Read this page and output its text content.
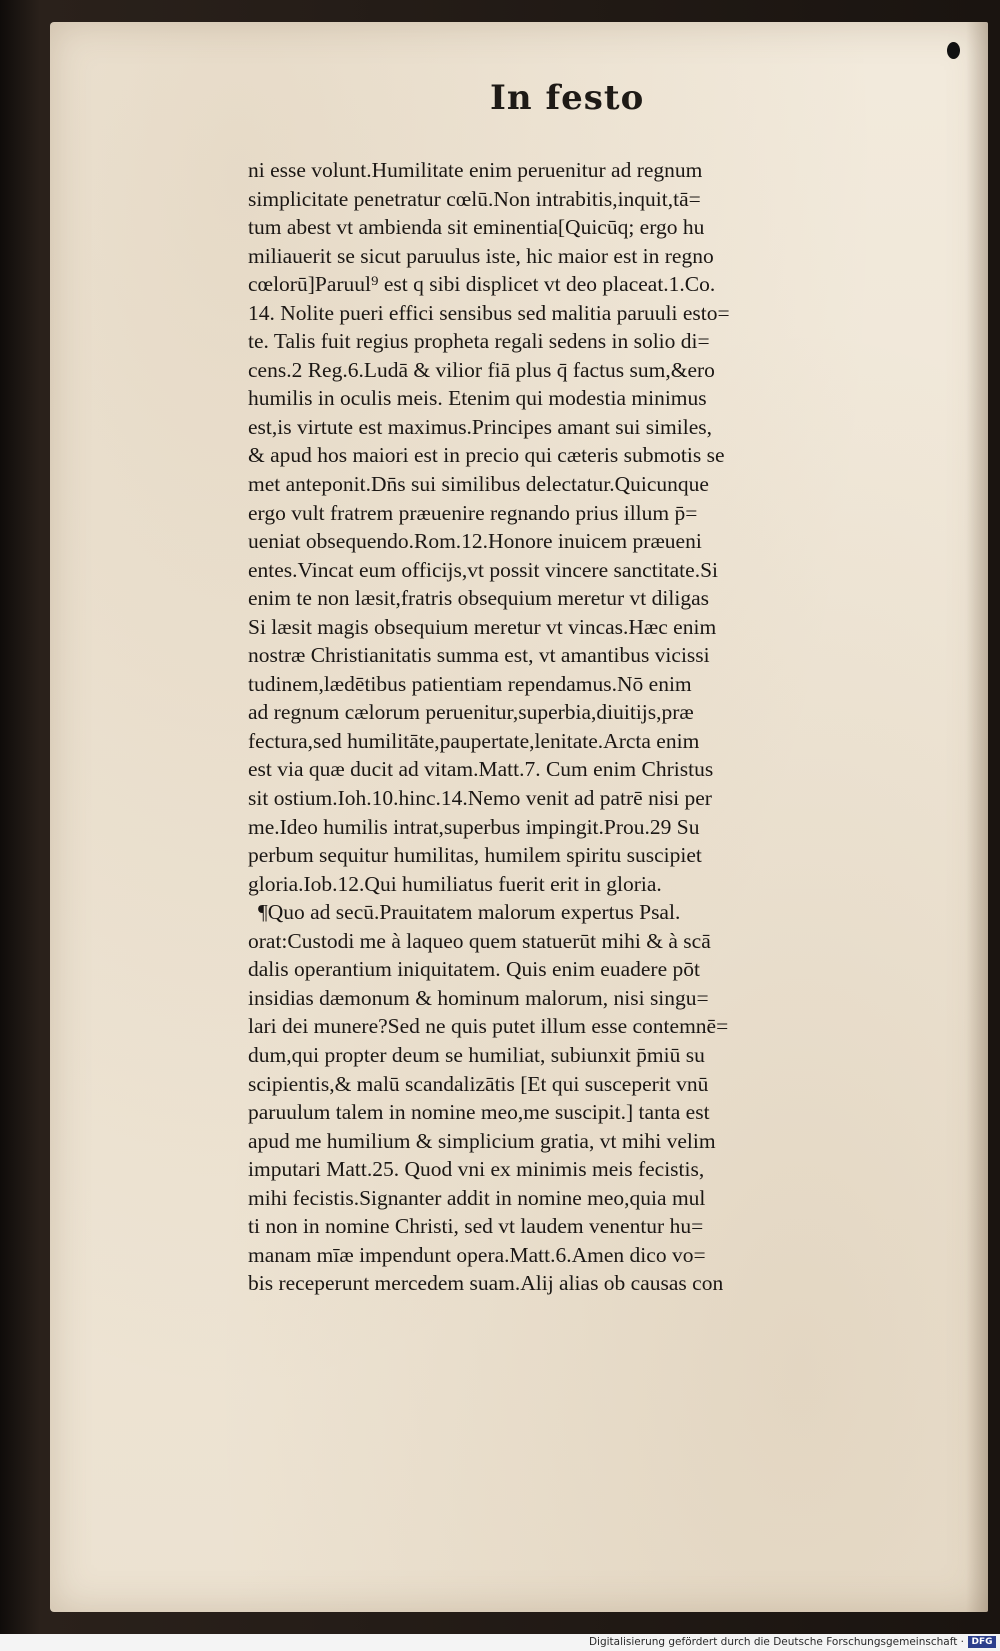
In festo
ni esse volunt.Humilitate enim peruenitur ad regnum
simplicitate penetratur cœlū.Non intrabitis,inquit,tā=
tum abest vt ambienda sit eminentia[Quicūq; ergo hu
miliauerit se sicut paruulus iste, hic maior est in regno
cœlorū]Paruul⁹ est q sibi displicet vt deo placeat.1.Co.
14. Nolite pueri effici sensibus sed malitia paruuli esto=
te. Talis fuit regius propheta regali sedens in solio di=
cens.2 Reg.6.Ludā & vilior fiā plus q̄ factus sum,&ero
humilis in oculis meis. Etenim qui modestia minimus
est,is virtute est maximus.Principes amant sui similes,
& apud hos maiori est in precio qui cæteris submotis se
met anteponit.Dn̄s sui similibus delectatur.Quicunque
ergo vult fratrem præuenire regnando prius illum p̄=
ueniat obsequendo.Rom.12.Honore inuicem præueni
entes.Vincat eum officijs,vt possit vincere sanctitate.Si
enim te non læsit,fratris obsequium meretur vt diligas
Si læsit magis obsequium meretur vt vincas.Hæc enim
nostræ Christianitatis summa est, vt amantibus vicissi
tudinem,lædētibus patientiam rependamus.Nō enim
ad regnum cælorum peruenitur,superbia,diuitijs,præ
fectura,sed humilitāte,paupertate,lenitate.Arcta enim
est via quæ ducit ad vitam.Matt.7. Cum enim Christus
sit ostium.Ioh.10.hinc.14.Nemo venit ad patrē nisi per
me.Ideo humilis intrat,superbus impingit.Prou.29 Su
perbum sequitur humilitas, humilem spiritu suscipiet
gloria.Iob.12.Qui humiliatus fuerit erit in gloria.
¶Quo ad secū.Prauitatem malorum expertus Psal.
orat:Custodi me à laqueo quem statuerūt mihi & à scā
dalis operantium iniquitatem. Quis enim euadere pōt
insidias dæmonum & hominum malorum, nisi singu=
lari dei munere?Sed ne quis putet illum esse contemnē=
dum,qui propter deum se humiliat, subiunxit p̄miū su
scipientis,& malū scandalizātis [Et qui susceperit vnū
paruulum talem in nomine meo,me suscipit.] tanta est
apud me humilium & simplicium gratia, vt mihi velim
imputari Matt.25. Quod vni ex minimis meis fecistis,
mihi fecistis.Signanter addit in nomine meo,quia mul
ti non in nomine Christi, sed vt laudem venentur hu=
manam mīæ impendunt opera.Matt.6.Amen dico vo=
bis receperunt mercedem suam.Alij alias ob causas con
Digitalisierung gefördert durch die Deutsche Forschungsgemeinschaft · DFG
